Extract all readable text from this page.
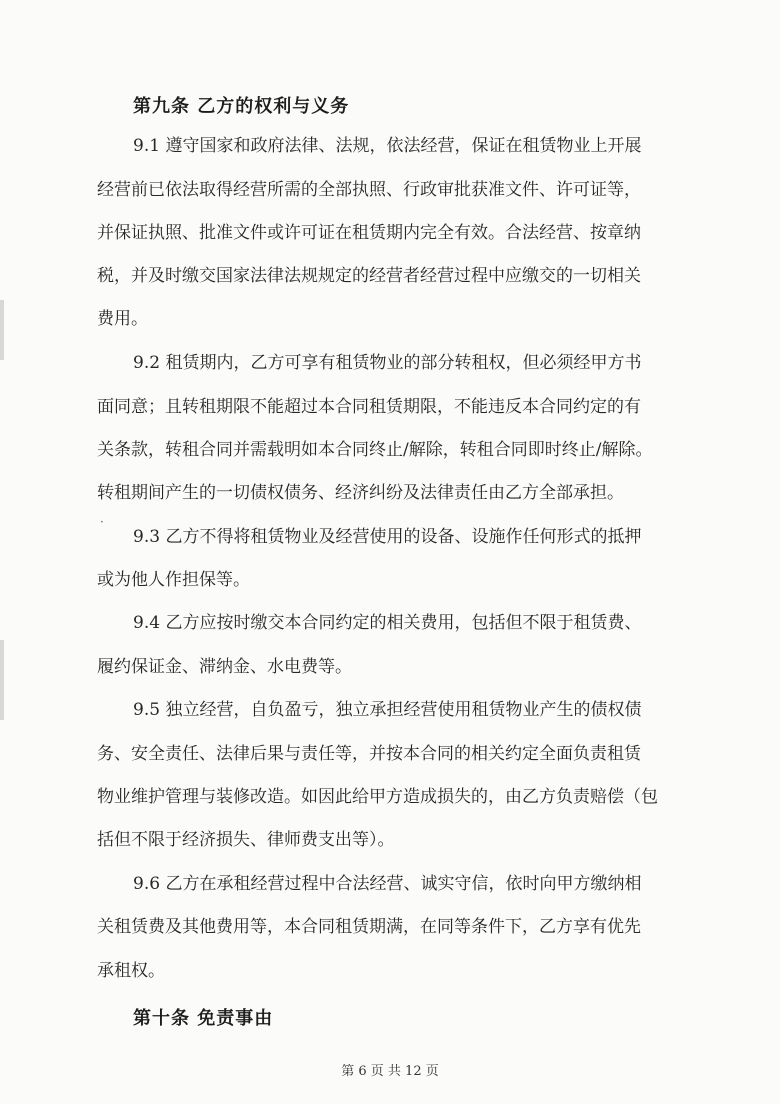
第九条 乙方的权利与义务
9.1 遵守国家和政府法律、法规，依法经营，保证在租赁物业上开展
经营前已依法取得经营所需的全部执照、行政审批获准文件、许可证等，
并保证执照、批准文件或许可证在租赁期内完全有效。合法经营、按章纳
税，并及时缴交国家法律法规规定的经营者经营过程中应缴交的一切相关
费用。
9.2 租赁期内，乙方可享有租赁物业的部分转租权，但必须经甲方书
面同意；且转租期限不能超过本合同租赁期限，不能违反本合同约定的有
关条款，转租合同并需载明如本合同终止/解除，转租合同即时终止/解除。
转租期间产生的一切债权债务、经济纠纷及法律责任由乙方全部承担。
·
9.3 乙方不得将租赁物业及经营使用的设备、设施作任何形式的抵押
或为他人作担保等。
9.4 乙方应按时缴交本合同约定的相关费用，包括但不限于租赁费、
履约保证金、滞纳金、水电费等。
9.5 独立经营，自负盈亏，独立承担经营使用租赁物业产生的债权债
务、安全责任、法律后果与责任等，并按本合同的相关约定全面负责租赁
物业维护管理与装修改造。如因此给甲方造成损失的，由乙方负责赔偿（包
括但不限于经济损失、律师费支出等）。
9.6 乙方在承租经营过程中合法经营、诚实守信，依时向甲方缴纳相
关租赁费及其他费用等，本合同租赁期满，在同等条件下，乙方享有优先
承租权。
第十条 免责事由
第 6 页 共 12 页
